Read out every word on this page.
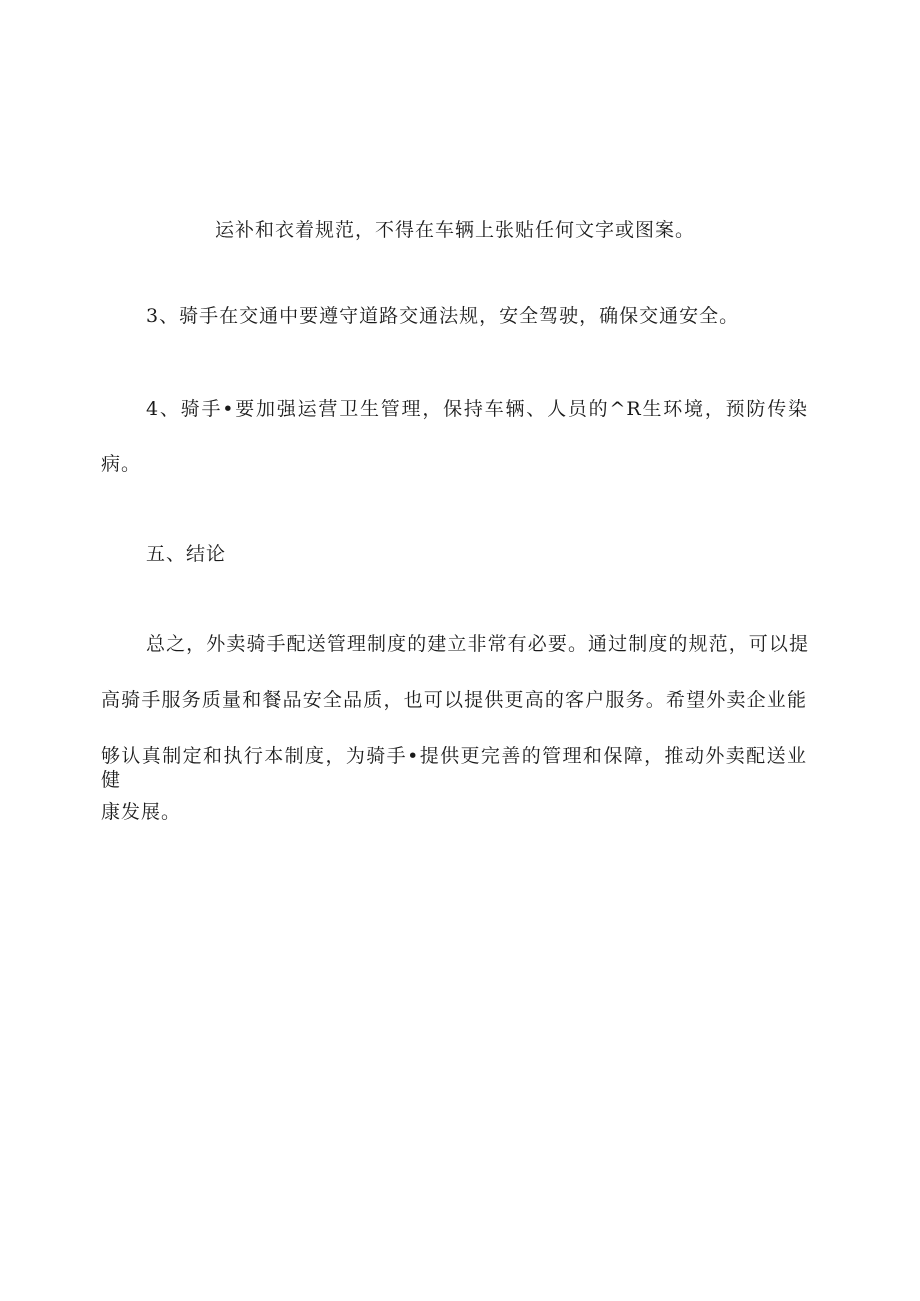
运补和衣着规范，不得在车辆上张贴任何文字或图案。
3、骑手在交通中要遵守道路交通法规，安全驾驶，确保交通安全。
4、骑手•要加强运营卫生管理，保持车辆、人员的^R生环境，预防传染
病。
五、结论
总之，外卖骑手配送管理制度的建立非常有必要。通过制度的规范，可以提
高骑手服务质量和餐品安全品质，也可以提供更高的客户服务。希望外卖企业能
够认真制定和执行本制度，为骑手•提供更完善的管理和保障，推动外卖配送业健
康发展。
